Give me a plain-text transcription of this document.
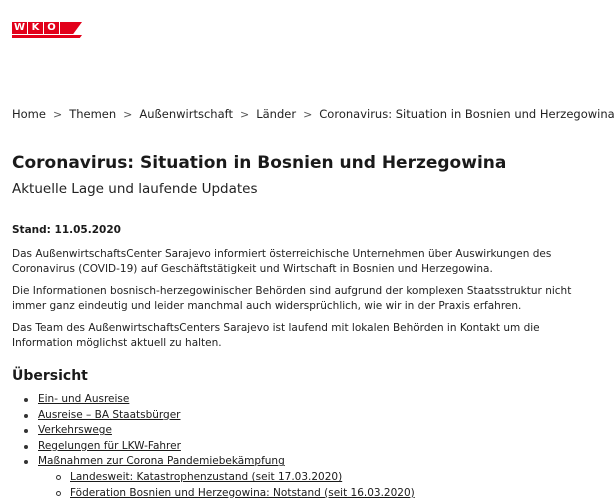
W K O
Home > Themen > Außenwirtschaft > Länder > Coronavirus: Situation in Bosnien und Herzegowina
Coronavirus: Situation in Bosnien und Herzegowina
Aktuelle Lage und laufende Updates
Stand: 11.05.2020

Das AußenwirtschaftsCenter Sarajevo informiert österreichische Unternehmen über Auswirkungen des
Coronavirus (COVID-19) auf Geschäftstätigkeit und Wirtschaft in Bosnien und Herzegowina.

Die Informationen bosnisch-herzegowinischer Behörden sind aufgrund der komplexen Staatsstruktur nicht
immer ganz eindeutig und leider manchmal auch widersprüchlich, wie wir in der Praxis erfahren.

Das Team des AußenwirtschaftsCenters Sarajevo ist laufend mit lokalen Behörden in Kontakt um die
Information möglichst aktuell zu halten.

Übersicht
Ein- und Ausreise
Ausreise – BA Staatsbürger
Verkehrswege
Regelungen für LKW-Fahrer
Maßnahmen zur Corona Pandemiebekämpfung
Landesweit: Katastrophenzustand (seit 17.03.2020)
Föderation Bosnien und Herzegowina: Notstand (seit 16.03.2020)
